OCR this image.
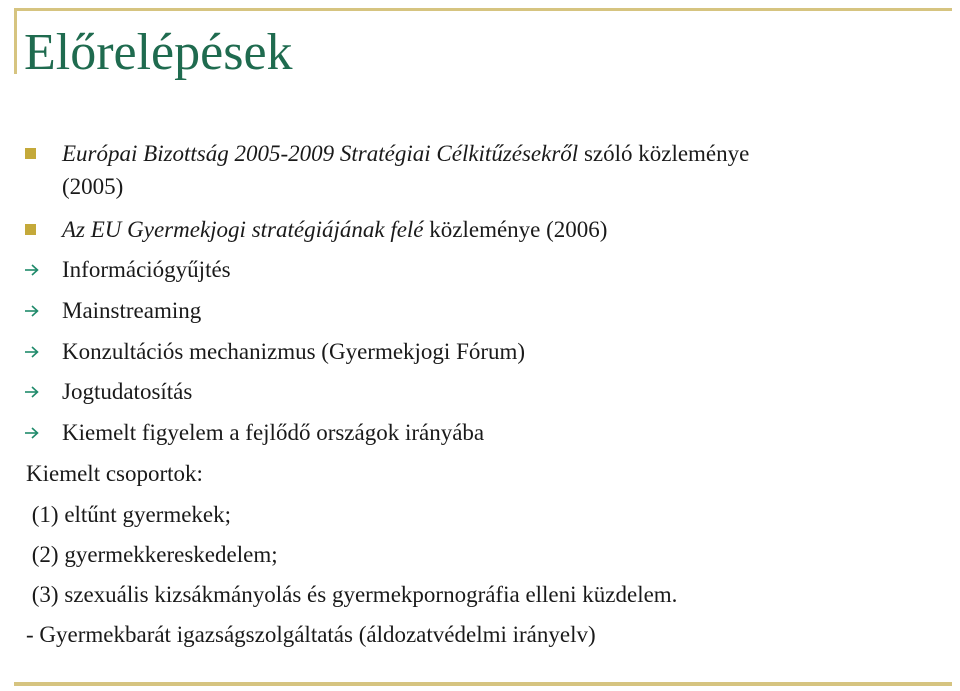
Előrelépések
Európai Bizottság 2005-2009 Stratégiai Célkitűzésekről szóló közleménye
(2005)
Az EU Gyermekjogi stratégiájának felé közleménye (2006)
Információgyűjtés
Mainstreaming
Konzultációs mechanizmus (Gyermekjogi Fórum)
Jogtudatosítás
Kiemelt figyelem a fejlődő országok irányába
Kiemelt csoportok:
(1) eltűnt gyermekek;
(2) gyermekkereskedelem;
(3) szexuális kizsákmányolás és gyermekpornográfia elleni küzdelem.
- Gyermekbarát igazságszolgáltatás (áldozatvédelmi irányelv)
